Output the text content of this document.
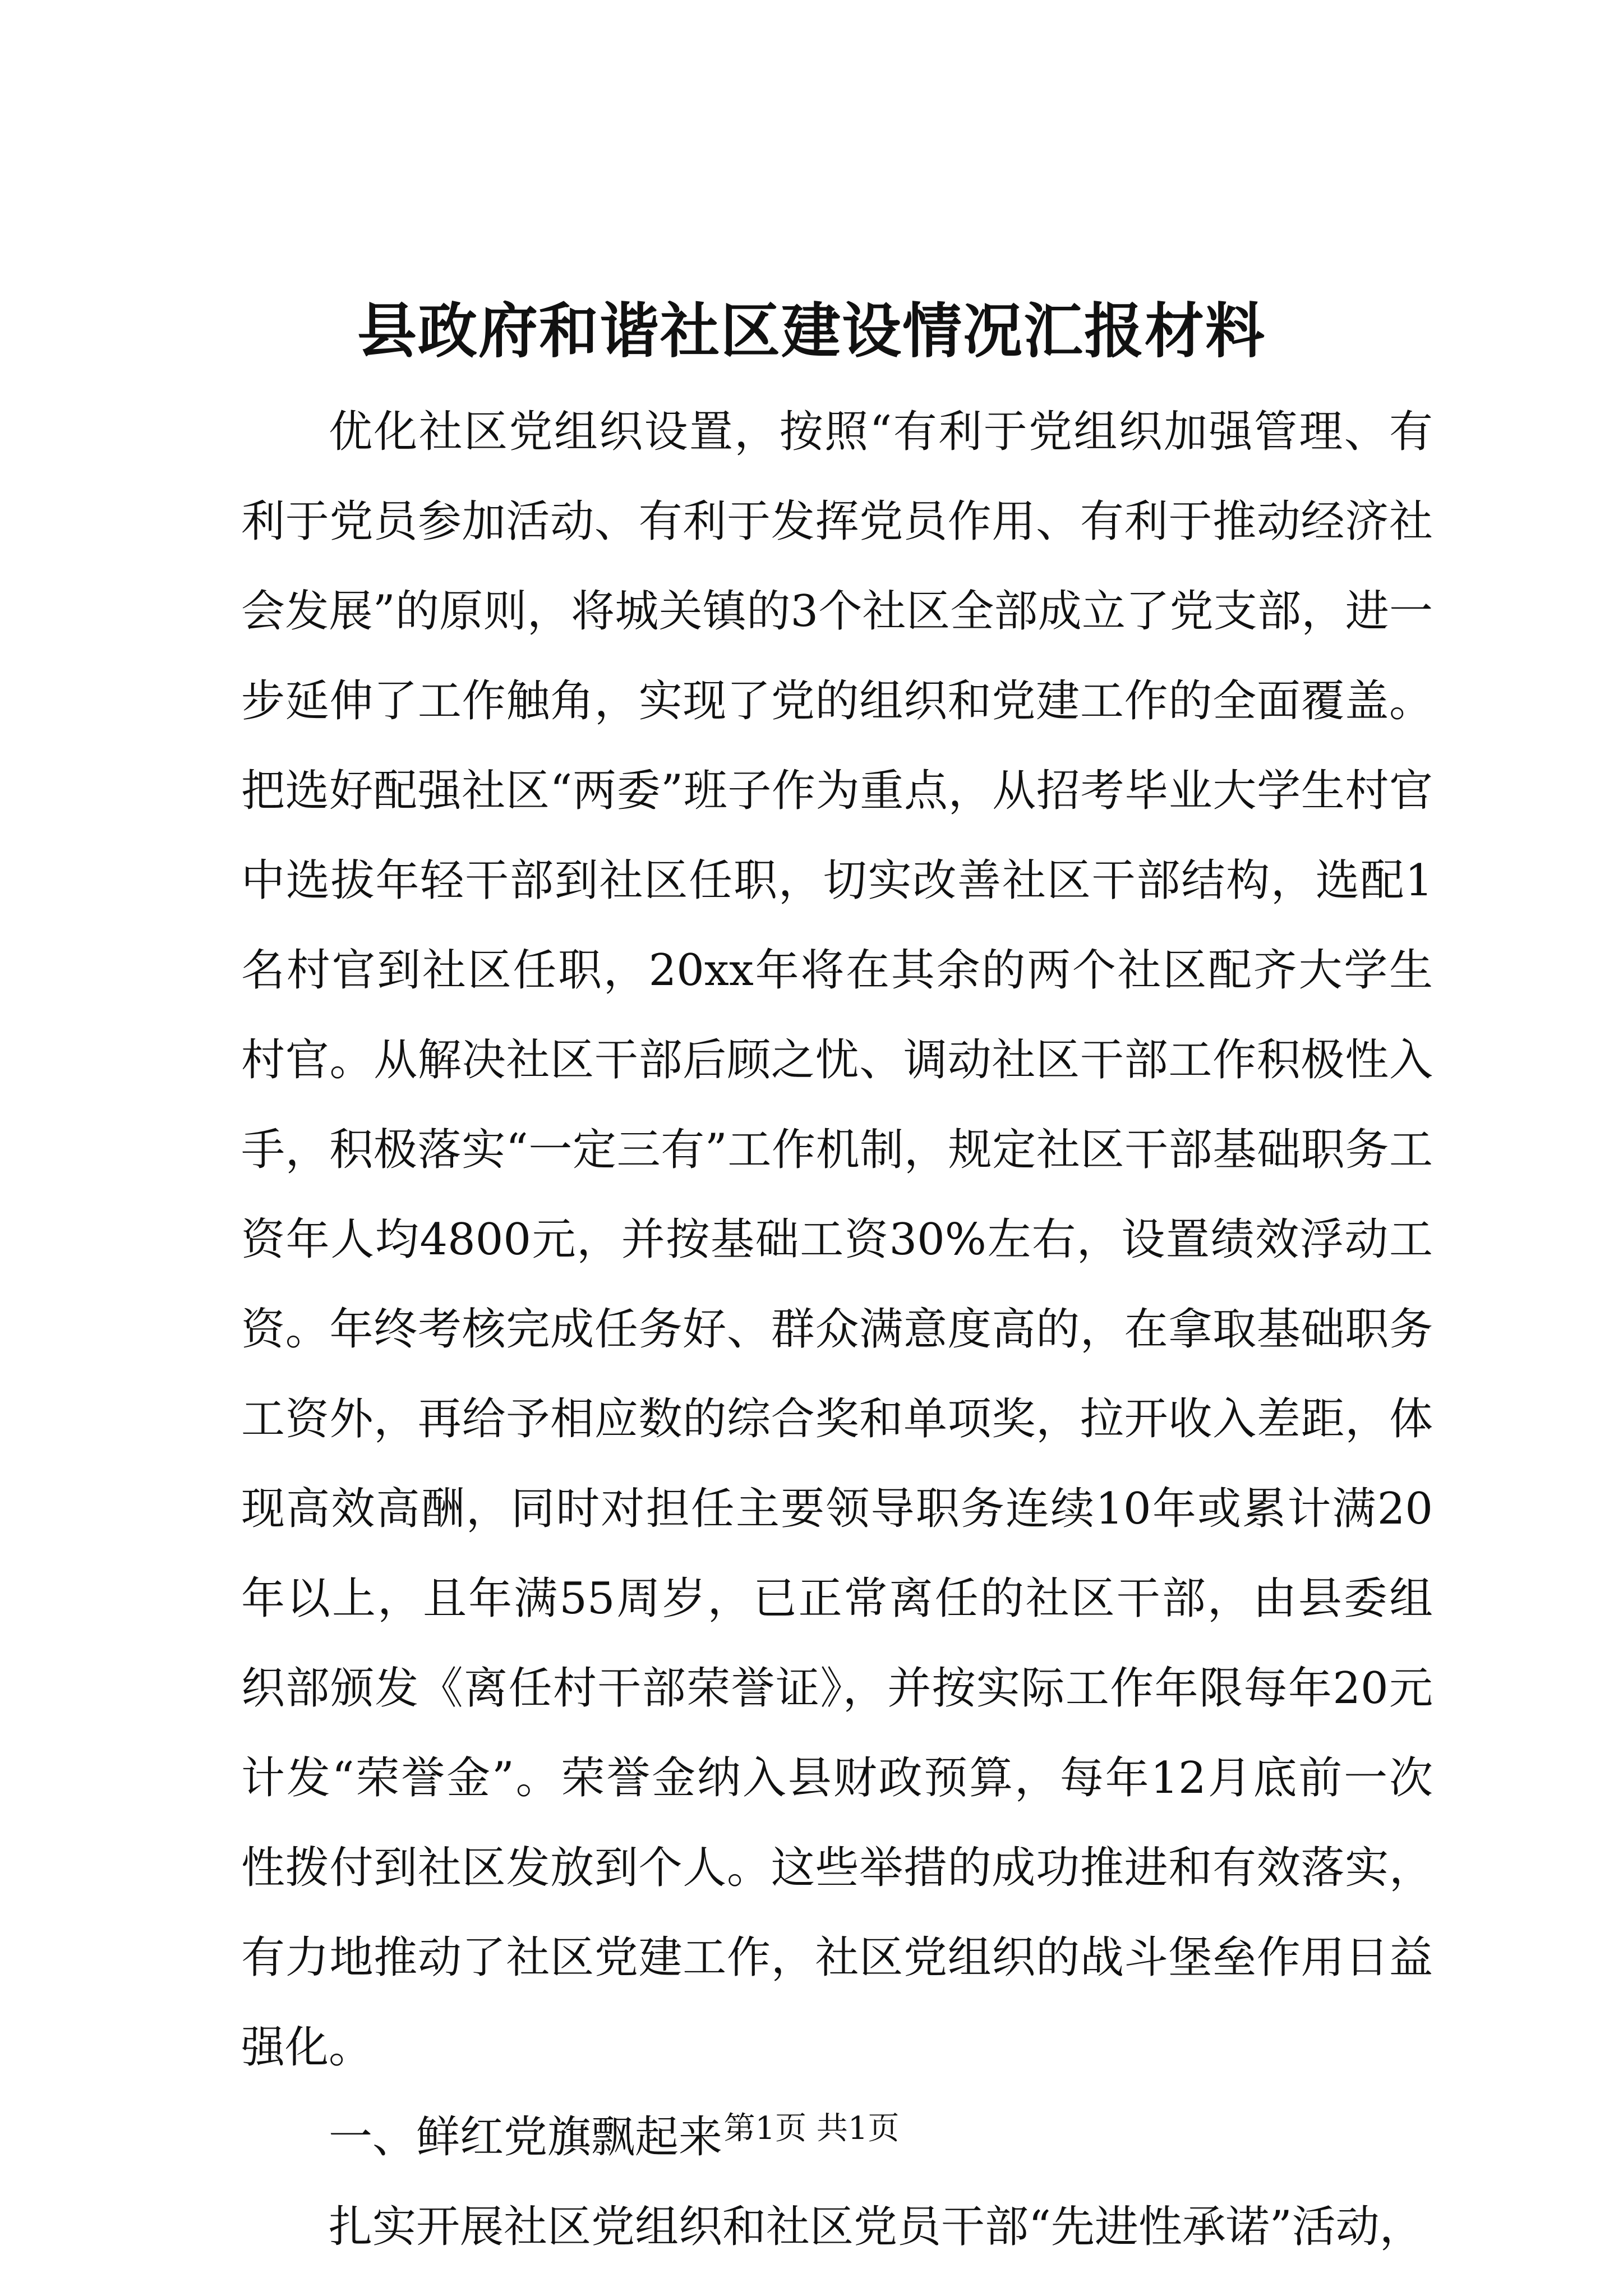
县政府和谐社区建设情况汇报材料

优化社区党组织设置，按照“有利于党组织加强管理、有利于党员参加活动、有利于发挥党员作用、有利于推动经济社会发展”的原则，将城关镇的3个社区全部成立了党支部，进一步延伸了工作触角，实现了党的组织和党建工作的全面覆盖。把选好配强社区“两委”班子作为重点，从招考毕业大学生村官中选拔年轻干部到社区任职，切实改善社区干部结构，选配1名村官到社区任职，20xx年将在其余的两个社区配齐大学生村官。从解决社区干部后顾之忧、调动社区干部工作积极性入手，积极落实“一定三有”工作机制，规定社区干部基础职务工资年人均4800元，并按基础工资30%左右，设置绩效浮动工资。年终考核完成任务好、群众满意度高的，在拿取基础职务工资外，再给予相应数的综合奖和单项奖，拉开收入差距，体现高效高酬，同时对担任主要领导职务连续10年或累计满20年以上，且年满55周岁，已正常离任的社区干部，由县委组织部颁发《离任村干部荣誉证》，并按实际工作年限每年20元计发“荣誉金”。荣誉金纳入县财政预算，每年12月底前一次性拨付到社区发放到个人。这些举措的成功推进和有效落实，有力地推动了社区党建工作，社区党组织的战斗堡垒作用日益强化。

一、鲜红党旗飘起来

扎实开展社区党组织和社区党员干部“先进性承诺”活动，

第1页 共1页
